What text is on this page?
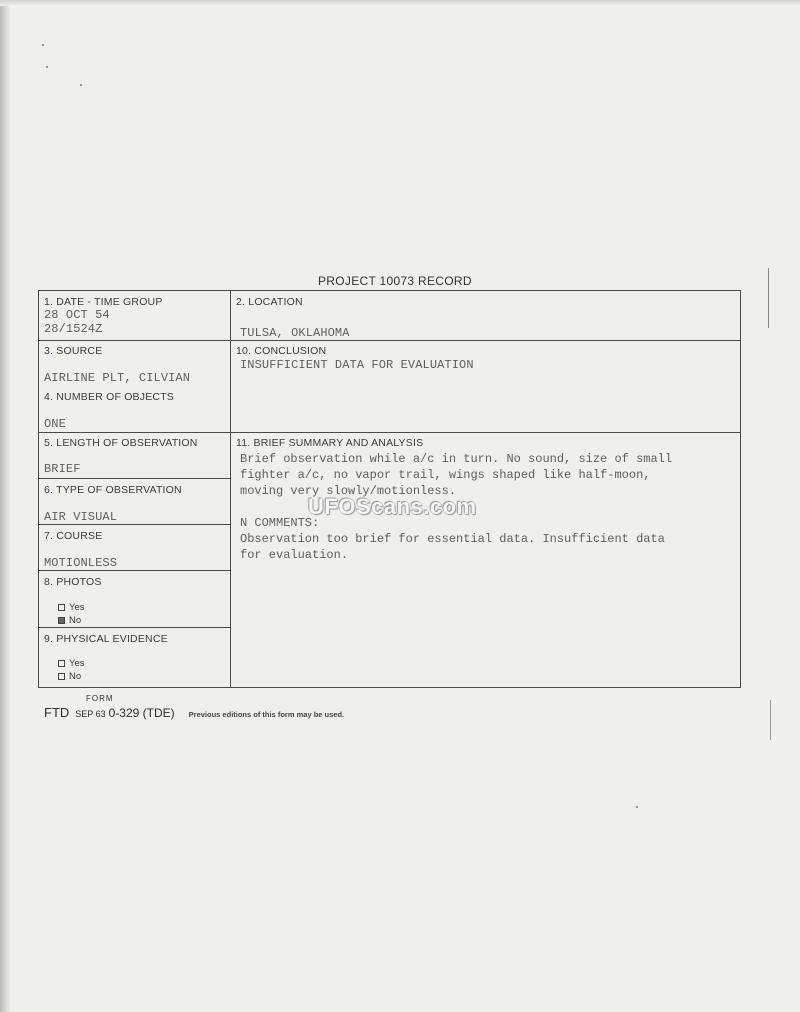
PROJECT 10073 RECORD
1. DATE - TIME GROUP
28 OCT 54
28/1524Z
2. LOCATION
TULSA, OKLAHOMA
3. SOURCE
AIRLINE PLT, CILVIAN
4. NUMBER OF OBJECTS
ONE
5. LENGTH OF OBSERVATION
BRIEF
6. TYPE OF OBSERVATION
AIR VISUAL
7. COURSE
MOTIONLESS
8. PHOTOS
Yes
No
9. PHYSICAL EVIDENCE
Yes
No
10. CONCLUSION
INSUFFICIENT DATA FOR EVALUATION
11. BRIEF SUMMARY AND ANALYSIS
Brief observation while a/c in turn. No sound, size of small
fighter a/c, no vapor trail, wings shaped like half-moon,
moving very slowly/motionless.
N COMMENTS:
Observation too brief for essential data. Insufficient data
for evaluation.
UFOScans.com
FORM
FTD SEP 63 0-329 (TDE) Previous editions of this form may be used.
